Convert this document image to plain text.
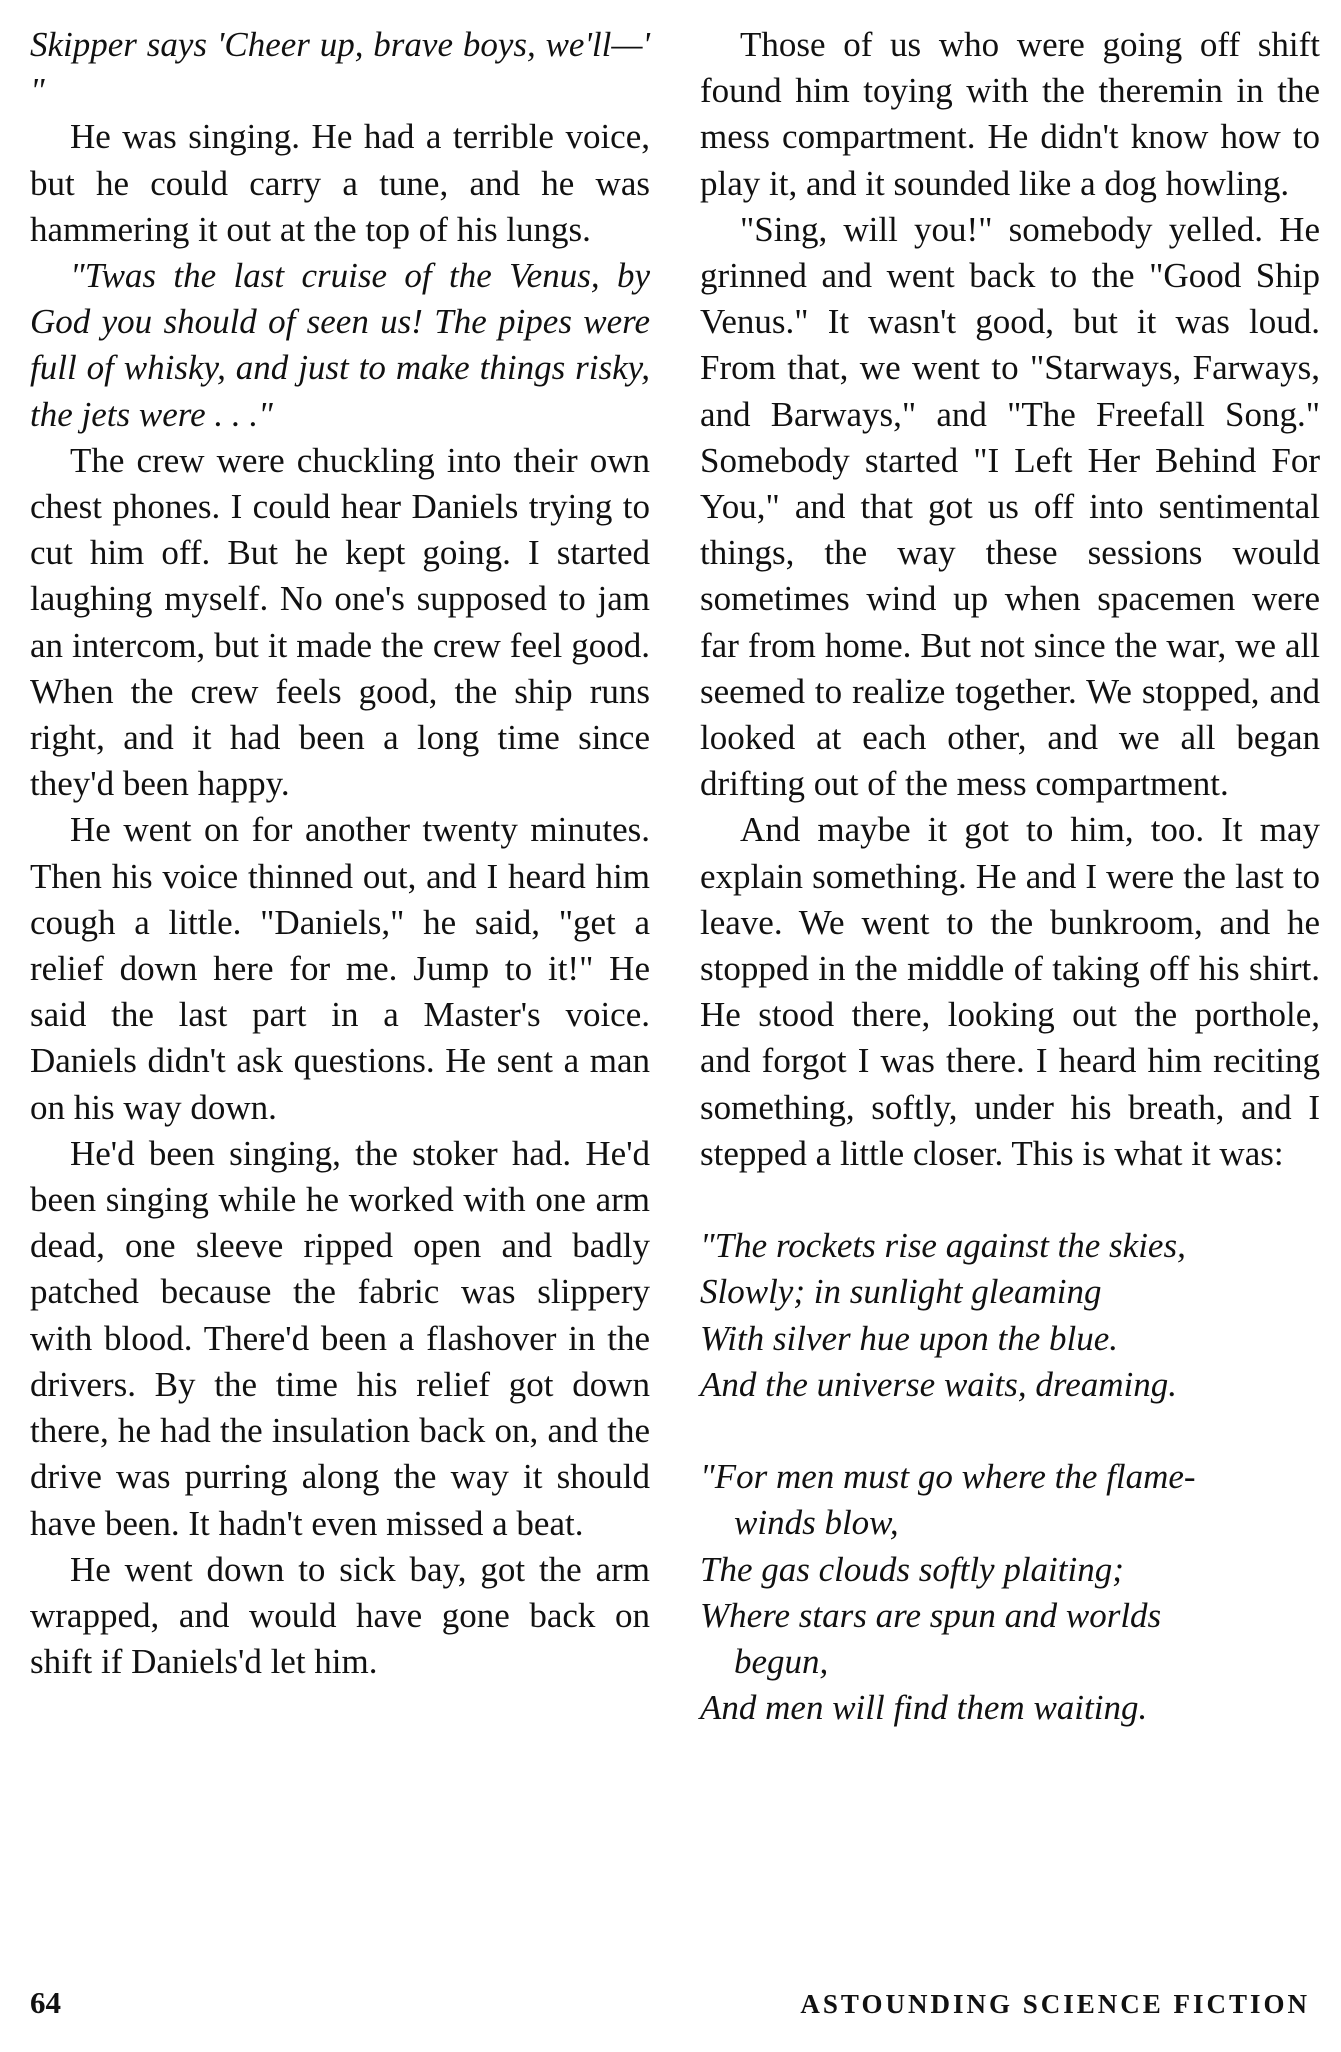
Skipper says 'Cheer up, brave boys, we'll—' "

He was singing. He had a terrible voice, but he could carry a tune, and he was hammering it out at the top of his lungs.

"Twas the last cruise of the Venus, by God you should of seen us! The pipes were full of whisky, and just to make things risky, the jets were . . ."

The crew were chuckling into their own chest phones. I could hear Daniels trying to cut him off. But he kept going. I started laughing myself. No one's supposed to jam an intercom, but it made the crew feel good. When the crew feels good, the ship runs right, and it had been a long time since they'd been happy.

He went on for another twenty minutes. Then his voice thinned out, and I heard him cough a little. "Daniels," he said, "get a relief down here for me. Jump to it!" He said the last part in a Master's voice. Daniels didn't ask questions. He sent a man on his way down.

He'd been singing, the stoker had. He'd been singing while he worked with one arm dead, one sleeve ripped open and badly patched because the fabric was slippery with blood. There'd been a flashover in the drivers. By the time his relief got down there, he had the insulation back on, and the drive was purring along the way it should have been. It hadn't even missed a beat.

He went down to sick bay, got the arm wrapped, and would have gone back on shift if Daniels'd let him.

Those of us who were going off shift found him toying with the theremin in the mess compartment. He didn't know how to play it, and it sounded like a dog howling.

"Sing, will you!" somebody yelled. He grinned and went back to the "Good Ship Venus." It wasn't good, but it was loud. From that, we went to "Starways, Farways, and Barways," and "The Freefall Song." Somebody started "I Left Her Behind For You," and that got us off into sentimental things, the way these sessions would sometimes wind up when spacemen were far from home. But not since the war, we all seemed to realize together. We stopped, and looked at each other, and we all began drifting out of the mess compartment.

And maybe it got to him, too. It may explain something. He and I were the last to leave. We went to the bunkroom, and he stopped in the middle of taking off his shirt. He stood there, looking out the porthole, and forgot I was there. I heard him reciting something, softly, under his breath, and I stepped a little closer. This is what it was:

"The rockets rise against the skies,
Slowly; in sunlight gleaming
With silver hue upon the blue.
And the universe waits, dreaming.
"For men must go where the flame-
winds blow,
The gas clouds softly plaiting;
Where stars are spun and worlds
begun,
And men will find them waiting.
64	ASTOUNDING SCIENCE FICTION
